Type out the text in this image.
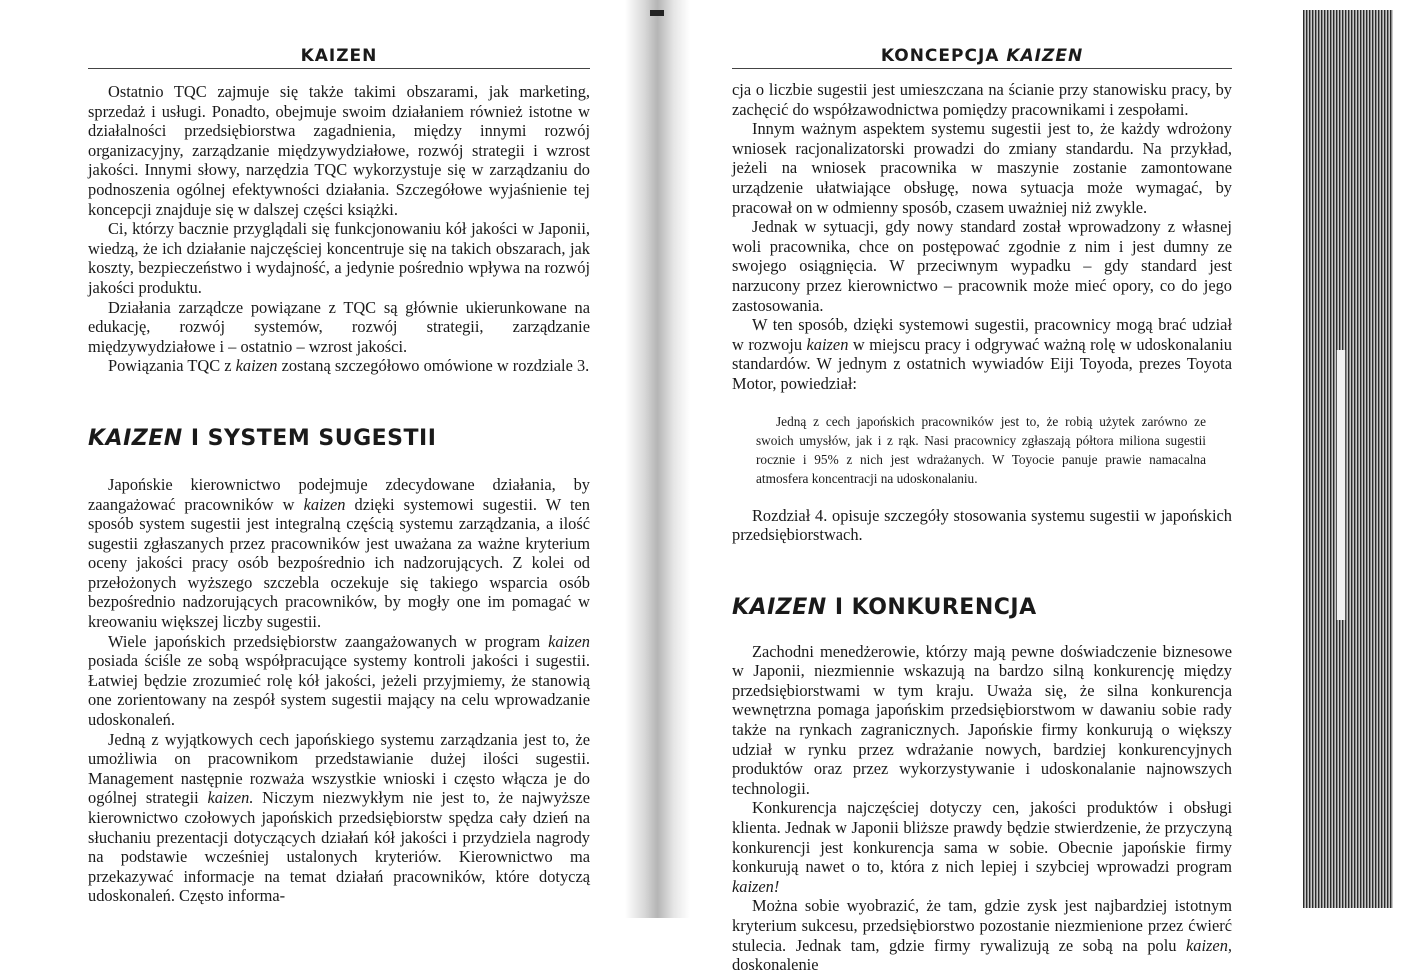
KAIZEN

Ostatnio TQC zajmuje się także takimi obszarami, jak marketing, sprzedaż i usługi. Ponadto, obejmuje swoim działaniem również istotne w działalności przedsiębiorstwa zagadnienia, między innymi rozwój organizacyjny, zarządzanie międzywydziałowe, rozwój strategii i wzrost jakości. Innymi słowy, narzędzia TQC wykorzystuje się w zarządzaniu do podnoszenia ogólnej efektywności działania. Szczegółowe wyjaśnienie tej koncepcji znajduje się w dalszej części książki.

Ci, którzy bacznie przyglądali się funkcjonowaniu kół jakości w Japonii, wiedzą, że ich działanie najczęściej koncentruje się na takich obszarach, jak koszty, bezpieczeństwo i wydajność, a jedynie pośrednio wpływa na rozwój jakości produktu.

Działania zarządcze powiązane z TQC są głównie ukierunkowane na edukację, rozwój systemów, rozwój strategii, zarządzanie międzywydziałowe i – ostatnio – wzrost jakości.

Powiązania TQC z kaizen zostaną szczegółowo omówione w rozdziale 3.

KAIZEN I SYSTEM SUGESTII

Japońskie kierownictwo podejmuje zdecydowane działania, by zaangażować pracowników w kaizen dzięki systemowi sugestii. W ten sposób system sugestii jest integralną częścią systemu zarządzania, a ilość sugestii zgłaszanych przez pracowników jest uważana za ważne kryterium oceny jakości pracy osób bezpośrednio ich nadzorujących. Z kolei od przełożonych wyższego szczebla oczekuje się takiego wsparcia osób bezpośrednio nadzorujących pracowników, by mogły one im pomagać w kreowaniu większej liczby sugestii.

Wiele japońskich przedsiębiorstw zaangażowanych w program kaizen posiada ściśle ze sobą współpracujące systemy kontroli jakości i sugestii. Łatwiej będzie zrozumieć rolę kół jakości, jeżeli przyjmiemy, że stanowią one zorientowany na zespół system sugestii mający na celu wprowadzanie udoskonaleń.

Jedną z wyjątkowych cech japońskiego systemu zarządzania jest to, że umożliwia on pracownikom przedstawianie dużej ilości sugestii. Management następnie rozważa wszystkie wnioski i często włącza je do ogólnej strategii kaizen. Niczym niezwykłym nie jest to, że najwyższe kierownictwo czołowych japońskich przedsiębiorstw spędza cały dzień na słuchaniu prezentacji dotyczących działań kół jakości i przydziela nagrody na podstawie wcześniej ustalonych kryteriów. Kierownictwo ma przekazywać informacje na temat działań pracowników, które dotyczą udoskonaleń. Często informa-

KONCEPCJA KAIZEN

cja o liczbie sugestii jest umieszczana na ścianie przy stanowisku pracy, by zachęcić do współzawodnictwa pomiędzy pracownikami i zespołami.

Innym ważnym aspektem systemu sugestii jest to, że każdy wdrożony wniosek racjonalizatorski prowadzi do zmiany standardu. Na przykład, jeżeli na wniosek pracownika w maszynie zostanie zamontowane urządzenie ułatwiające obsługę, nowa sytuacja może wymagać, by pracował on w odmienny sposób, czasem uważniej niż zwykle.

Jednak w sytuacji, gdy nowy standard został wprowadzony z własnej woli pracownika, chce on postępować zgodnie z nim i jest dumny ze swojego osiągnięcia. W przeciwnym wypadku – gdy standard jest narzucony przez kierownictwo – pracownik może mieć opory, co do jego zastosowania.

W ten sposób, dzięki systemowi sugestii, pracownicy mogą brać udział w rozwoju kaizen w miejscu pracy i odgrywać ważną rolę w udoskonalaniu standardów. W jednym z ostatnich wywiadów Eiji Toyoda, prezes Toyota Motor, powiedział:

Jedną z cech japońskich pracowników jest to, że robią użytek zarówno ze swoich umysłów, jak i z rąk. Nasi pracownicy zgłaszają półtora miliona sugestii rocznie i 95% z nich jest wdrażanych. W Toyocie panuje prawie namacalna atmosfera koncentracji na udoskonalaniu.

Rozdział 4. opisuje szczegóły stosowania systemu sugestii w japońskich przedsiębiorstwach.

KAIZEN I KONKURENCJA

Zachodni menedżerowie, którzy mają pewne doświadczenie biznesowe w Japonii, niezmiennie wskazują na bardzo silną konkurencję między przedsiębiorstwami w tym kraju. Uważa się, że silna konkurencja wewnętrzna pomaga japońskim przedsiębiorstwom w dawaniu sobie rady także na rynkach zagranicznych. Japońskie firmy konkurują o większy udział w rynku przez wdrażanie nowych, bardziej konkurencyjnych produktów oraz przez wykorzystywanie i udoskonalanie najnowszych technologii.

Konkurencja najczęściej dotyczy cen, jakości produktów i obsługi klienta. Jednak w Japonii bliższe prawdy będzie stwierdzenie, że przyczyną konkurencji jest konkurencja sama w sobie. Obecnie japońskie firmy konkurują nawet o to, która z nich lepiej i szybciej wprowadzi program kaizen!

Można sobie wyobrazić, że tam, gdzie zysk jest najbardziej istotnym kryterium sukcesu, przedsiębiorstwo pozostanie niezmienione przez ćwierć stulecia. Jednak tam, gdzie firmy rywalizują ze sobą na polu kaizen, doskonalenie
